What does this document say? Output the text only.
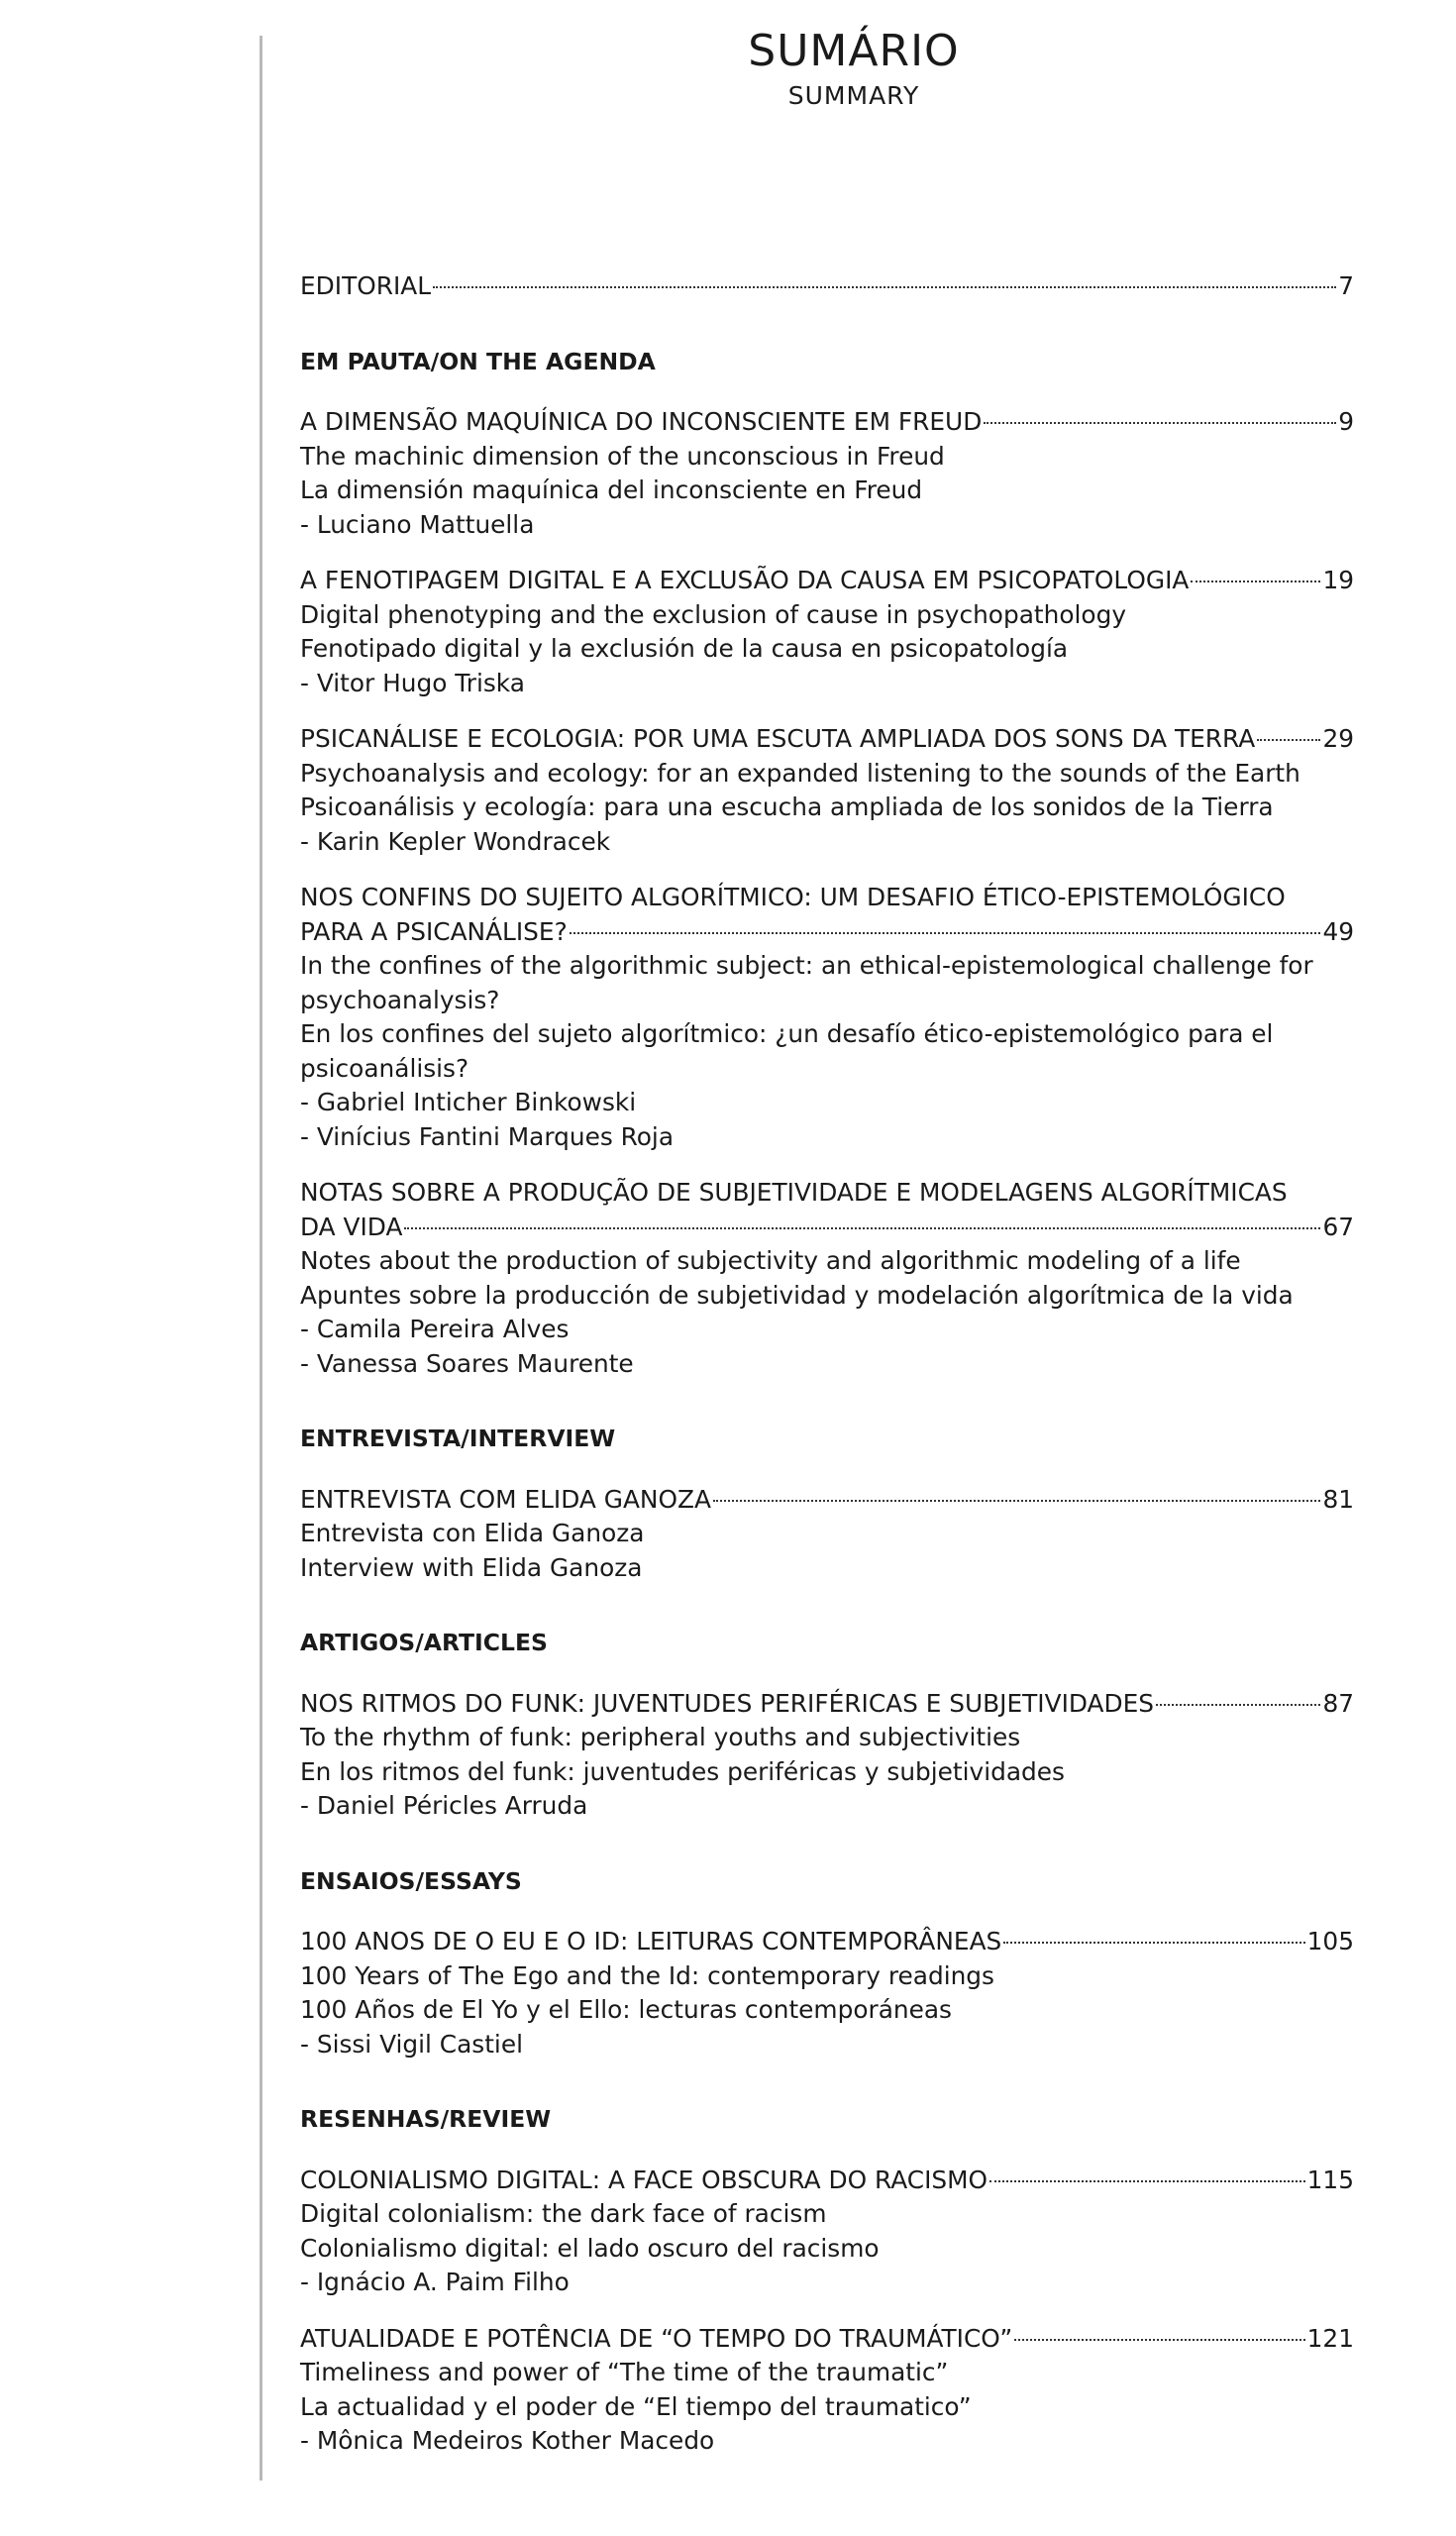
SUMÁRIO
SUMMARY
EDITORIAL	7
EM PAUTA/ON THE AGENDA
A DIMENSÃO MAQUÍNICA DO INCONSCIENTE EM FREUD	9
The machinic dimension of the unconscious in Freud
La dimensión maquínica del inconsciente en Freud
- Luciano Mattuella
A FENOTIPAGEM DIGITAL E A EXCLUSÃO DA CAUSA EM PSICOPATOLOGIA	19
Digital phenotyping and the exclusion of cause in psychopathology
Fenotipado digital y la exclusión de la causa en psicopatología
- Vitor Hugo Triska
PSICANÁLISE E ECOLOGIA: POR UMA ESCUTA AMPLIADA DOS SONS DA TERRA	29
Psychoanalysis and ecology: for an expanded listening to the sounds of the Earth
Psicoanálisis y ecología: para una escucha ampliada de los sonidos de la Tierra
- Karin Kepler Wondracek
NOS CONFINS DO SUJEITO ALGORÍTMICO: UM DESAFIO ÉTICO-EPISTEMOLÓGICO
PARA A PSICANÁLISE?	49
In the confines of the algorithmic subject: an ethical-epistemological challenge for
psychoanalysis?
En los confines del sujeto algorítmico: ¿un desafío ético-epistemológico para el
psicoanálisis?
- Gabriel Inticher Binkowski
- Vinícius Fantini Marques Roja
NOTAS SOBRE A PRODUÇÃO DE SUBJETIVIDADE E MODELAGENS ALGORÍTMICAS
DA VIDA	67
Notes about the production of subjectivity and algorithmic modeling of a life
Apuntes sobre la producción de subjetividad y modelación algorítmica de la vida
- Camila Pereira Alves
- Vanessa Soares Maurente
ENTREVISTA/INTERVIEW
ENTREVISTA COM ELIDA GANOZA	81
Entrevista con Elida Ganoza
Interview with Elida Ganoza
ARTIGOS/ARTICLES
NOS RITMOS DO FUNK: JUVENTUDES PERIFÉRICAS E SUBJETIVIDADES	87
To the rhythm of funk: peripheral youths and subjectivities
En los ritmos del funk: juventudes periféricas y subjetividades
- Daniel Péricles Arruda
ENSAIOS/ESSAYS
100 ANOS DE O EU E O ID: LEITURAS CONTEMPORÂNEAS	105
100 Years of The Ego and the Id: contemporary readings
100 Años de El Yo y el Ello: lecturas contemporáneas
- Sissi Vigil Castiel
RESENHAS/REVIEW
COLONIALISMO DIGITAL: A FACE OBSCURA DO RACISMO	115
Digital colonialism: the dark face of racism
Colonialismo digital: el lado oscuro del racismo
- Ignácio A. Paim Filho
ATUALIDADE E POTÊNCIA DE “O TEMPO DO TRAUMÁTICO”	121
Timeliness and power of “The time of the traumatic”
La actualidad y el poder de “El tiempo del traumatico”
- Mônica Medeiros Kother Macedo
